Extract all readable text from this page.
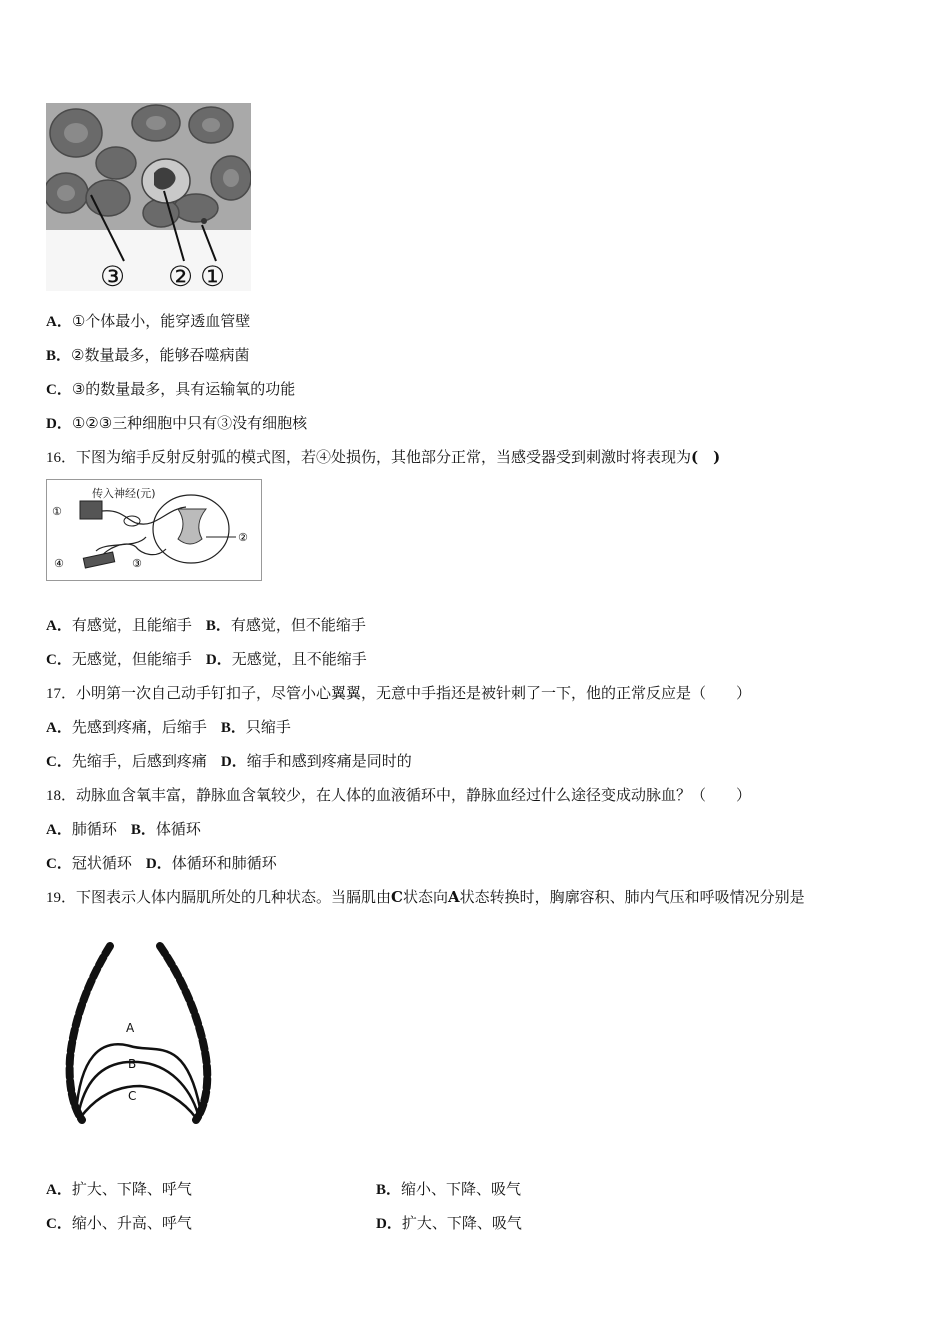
③ ② ①
A．①个体最小，能穿透血管壁
B．②数量最多，能够吞噬病菌
C．③的数量最多，具有运输氧的功能
D．①②③三种细胞中只有③没有细胞核
16．下图为缩手反射反射弧的模式图，若④处损伤，其他部分正常，当感受器受到刺激时将表现为(　)
传入神经(元)
①
②
④	③
A．有感觉，且能缩手 B．有感觉，但不能缩手
C．无感觉，但能缩手 D．无感觉，且不能缩手
17．小明第一次自己动手钉扣子，尽管小心翼翼，无意中手指还是被针刺了一下，他的正常反应是（　　）
A．先感到疼痛，后缩手 B．只缩手
C．先缩手，后感到疼痛 D．缩手和感到疼痛是同时的
18．动脉血含氧丰富，静脉血含氧较少，在人体的血液循环中，静脉血经过什么途径变成动脉血？（　　）
A．肺循环 B．体循环
C．冠状循环 D．体循环和肺循环
19．下图表示人体内膈肌所处的几种状态。当膈肌由C状态向A状态转换时，胸廓容积、肺内气压和呼吸情况分别是
A
B
C
A．扩大、下降、呼气	B．缩小、下降、吸气
C．缩小、升高、呼气	D．扩大、下降、吸气
